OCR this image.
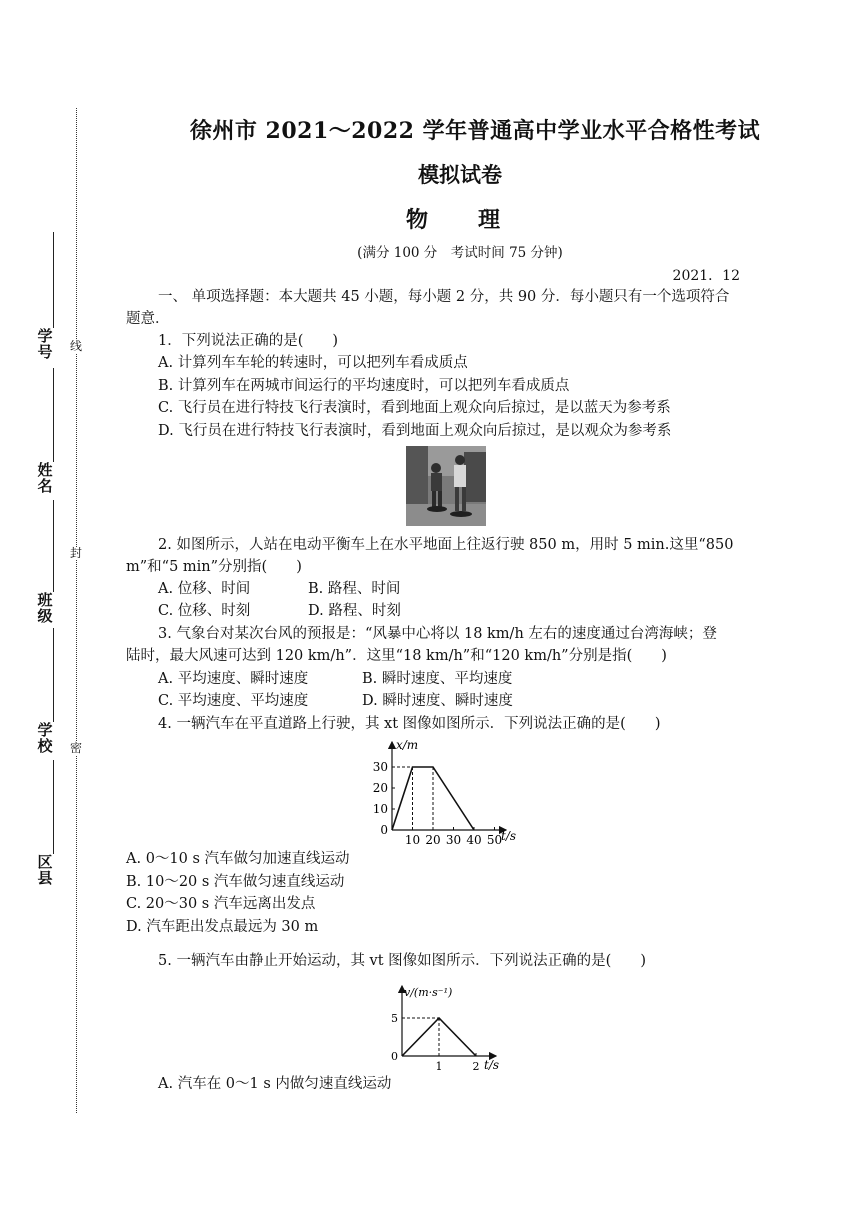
线
封
密
学号
姓名
班级
学校
区县
徐州市 2021～2022 学年普通高中学业水平合格性考试
模拟试卷
物　理
(满分 100 分　考试时间 75 分钟)
2021．12
一、 单项选择题：本大题共 45 小题，每小题 2 分，共 90 分．每小题只有一个选项符合
题意．
1．下列说法正确的是(　　)
A. 计算列车车轮的转速时，可以把列车看成质点
B. 计算列车在两城市间运行的平均速度时，可以把列车看成质点
C. 飞行员在进行特技飞行表演时，看到地面上观众向后掠过，是以蓝天为参考系
D. 飞行员在进行特技飞行表演时，看到地面上观众向后掠过，是以观众为参考系
2. 如图所示，人站在电动平衡车上在水平地面上往返行驶 850 m，用时 5 min.这里“850
m”和“5 min”分别指(　　)
A. 位移、时间	B. 路程、时间
C. 位移、时刻	D. 路程、时刻
3. 气象台对某次台风的预报是：“风暴中心将以 18 km/h 左右的速度通过台湾海峡；登
陆时，最大风速可达到 120 km/h”．这里“18 km/h”和“120 km/h”分别是指(　　)
A. 平均速度、瞬时速度	B. 瞬时速度、平均速度
C. 平均速度、平均速度	D. 瞬时速度、瞬时速度
4. 一辆汽车在平直道路上行驶，其 xt 图像如图所示．下列说法正确的是(　　)
x/m
t/s
0
10
20
30
10 20 30 40 50
A. 0～10 s 汽车做匀加速直线运动
B. 10～20 s 汽车做匀速直线运动
C. 20～30 s 汽车远离出发点
D. 汽车距出发点最远为 30 m
5. 一辆汽车由静止开始运动，其 vt 图像如图所示．下列说法正确的是(　　)
v/(m·s⁻¹)
t/s
0
5
1	2
A. 汽车在 0～1 s 内做匀速直线运动
